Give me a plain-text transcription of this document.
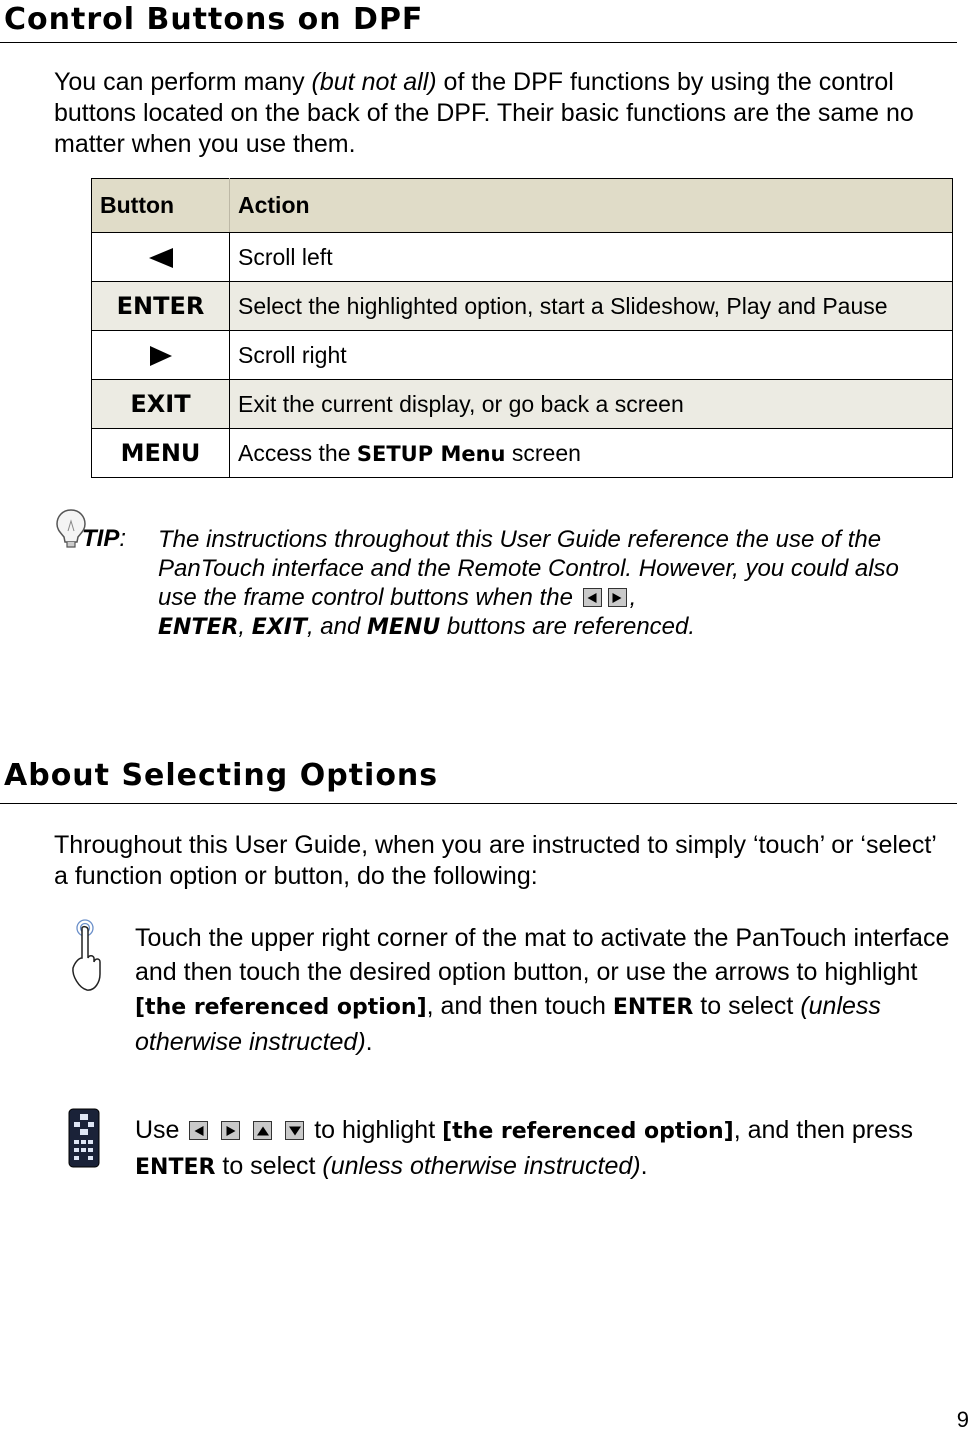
Control Buttons on DPF

You can perform many (but not all) of the DPF functions by using the control buttons located on the back of the DPF. Their basic functions are the same no matter when you use them.

Button	Action
	Scroll left
ENTER	Select the highlighted option, start a Slideshow, Play and Pause
	Scroll right
EXIT	Exit the current display, or go back a screen
MENU	Access the SETUP Menu screen
TIP: The instructions throughout this User Guide reference the use of the PanTouch interface and the Remote Control. However, you could also use the frame control buttons when the ,
ENTER, EXIT, and MENU buttons are referenced.

About Selecting Options

Throughout this User Guide, when you are instructed to simply ‘touch’ or ‘select’ a function option or button, do the following:

Touch the upper right corner of the mat to activate the PanTouch interface and then touch the desired option button, or use the arrows to highlight [the referenced option], and then touch ENTER to select (unless otherwise instructed).

Use	to highlight [the referenced option], and then press ENTER to select (unless otherwise instructed).

9
